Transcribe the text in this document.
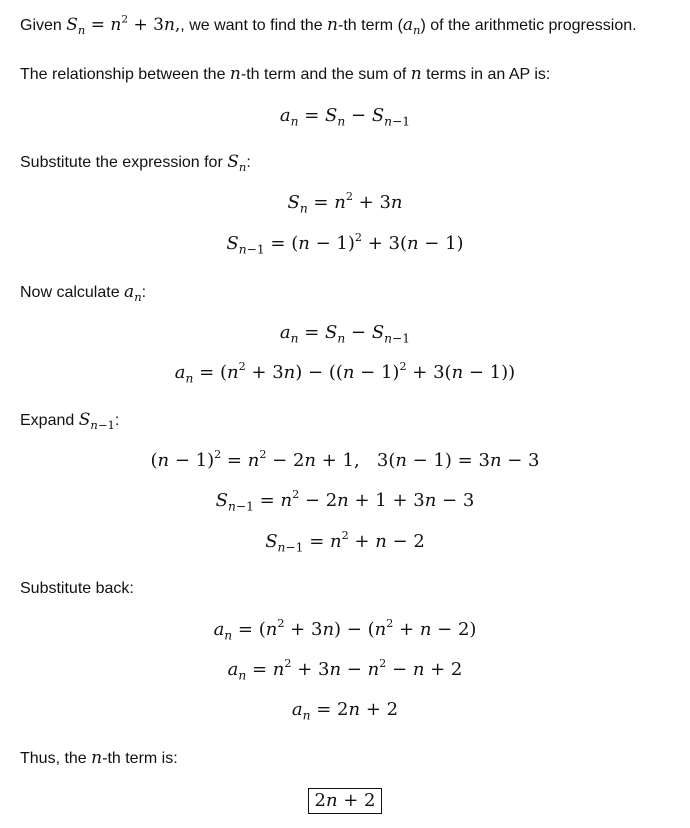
Given $S_n = n^2 + 3n$,, we want to find the n-th term $(a_n)$ of the arithmetic progression.
The relationship between the n-th term and the sum of n terms in an AP is:
$a_n = S_n - S_{n-1}$
Substitute the expression for $S_n$:
$S_n = n^2 + 3n$
$S_{n-1} = (n - 1)^2 + 3(n - 1)$
Now calculate $a_n$:
$a_n = S_n - S_{n-1}$
$a_n = (n^2 + 3n) - ((n - 1)^2 + 3(n - 1))$
Expand $S_{n-1}$:
$(n - 1)^2 = n^2 - 2n + 1$,   3(n − 1) = 3n − 3
$S_{n-1} = n^2 - 2n + 1 + 3n - 3$
$S_{n-1} = n^2 + n - 2$
Substitute back:
$a_n = (n^2 + 3n) - (n^2 + n - 2)$
$a_n = n^2 + 3n - n^2 - n + 2$
$a_n = 2n + 2$
Thus, the n-th term is:
2n + 2
